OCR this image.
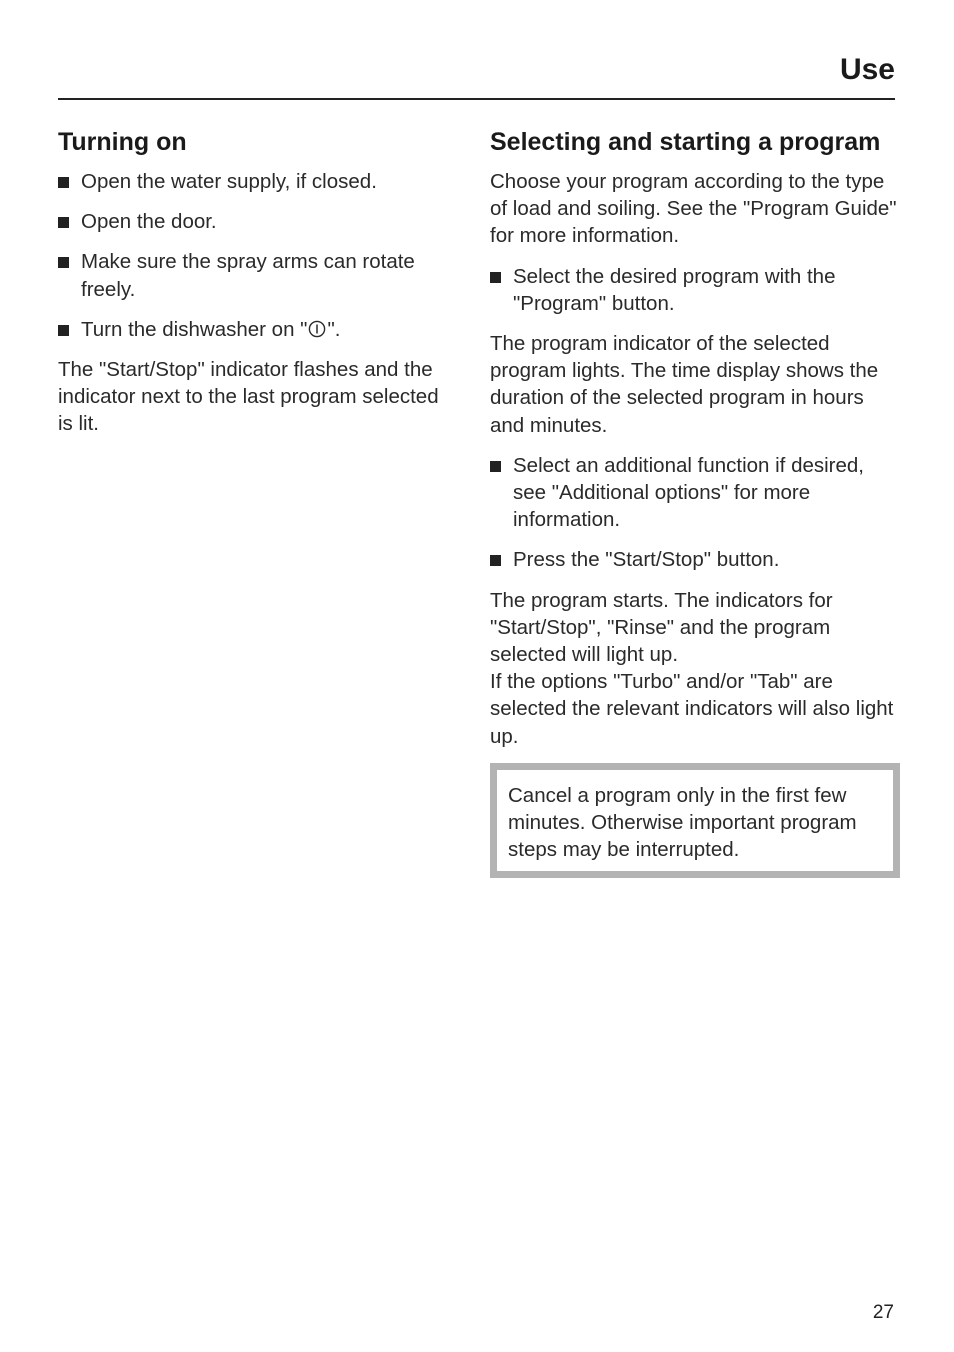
Use
Turning on
Open the water supply, if closed.
Open the door.
Make sure the spray arms can rotate freely.
Turn the dishwasher on " ".

The "Start/Stop" indicator flashes and the indicator next to the last program selected is lit.

Selecting and starting a program

Choose your program according to the type of load and soiling. See the "Program Guide" for more information.

Select the desired program with the "Program" button.

The program indicator of the selected program lights. The time display shows the duration of the selected program in hours and minutes.

Select an additional function if desired, see "Additional options" for more information.
Press the "Start/Stop" button.

The program starts. The indicators for "Start/Stop", "Rinse" and the program selected will light up.
If the options "Turbo" and/or "Tab" are selected the relevant indicators will also light up.

Cancel a program only in the first few minutes. Otherwise important program steps may be interrupted.

27
